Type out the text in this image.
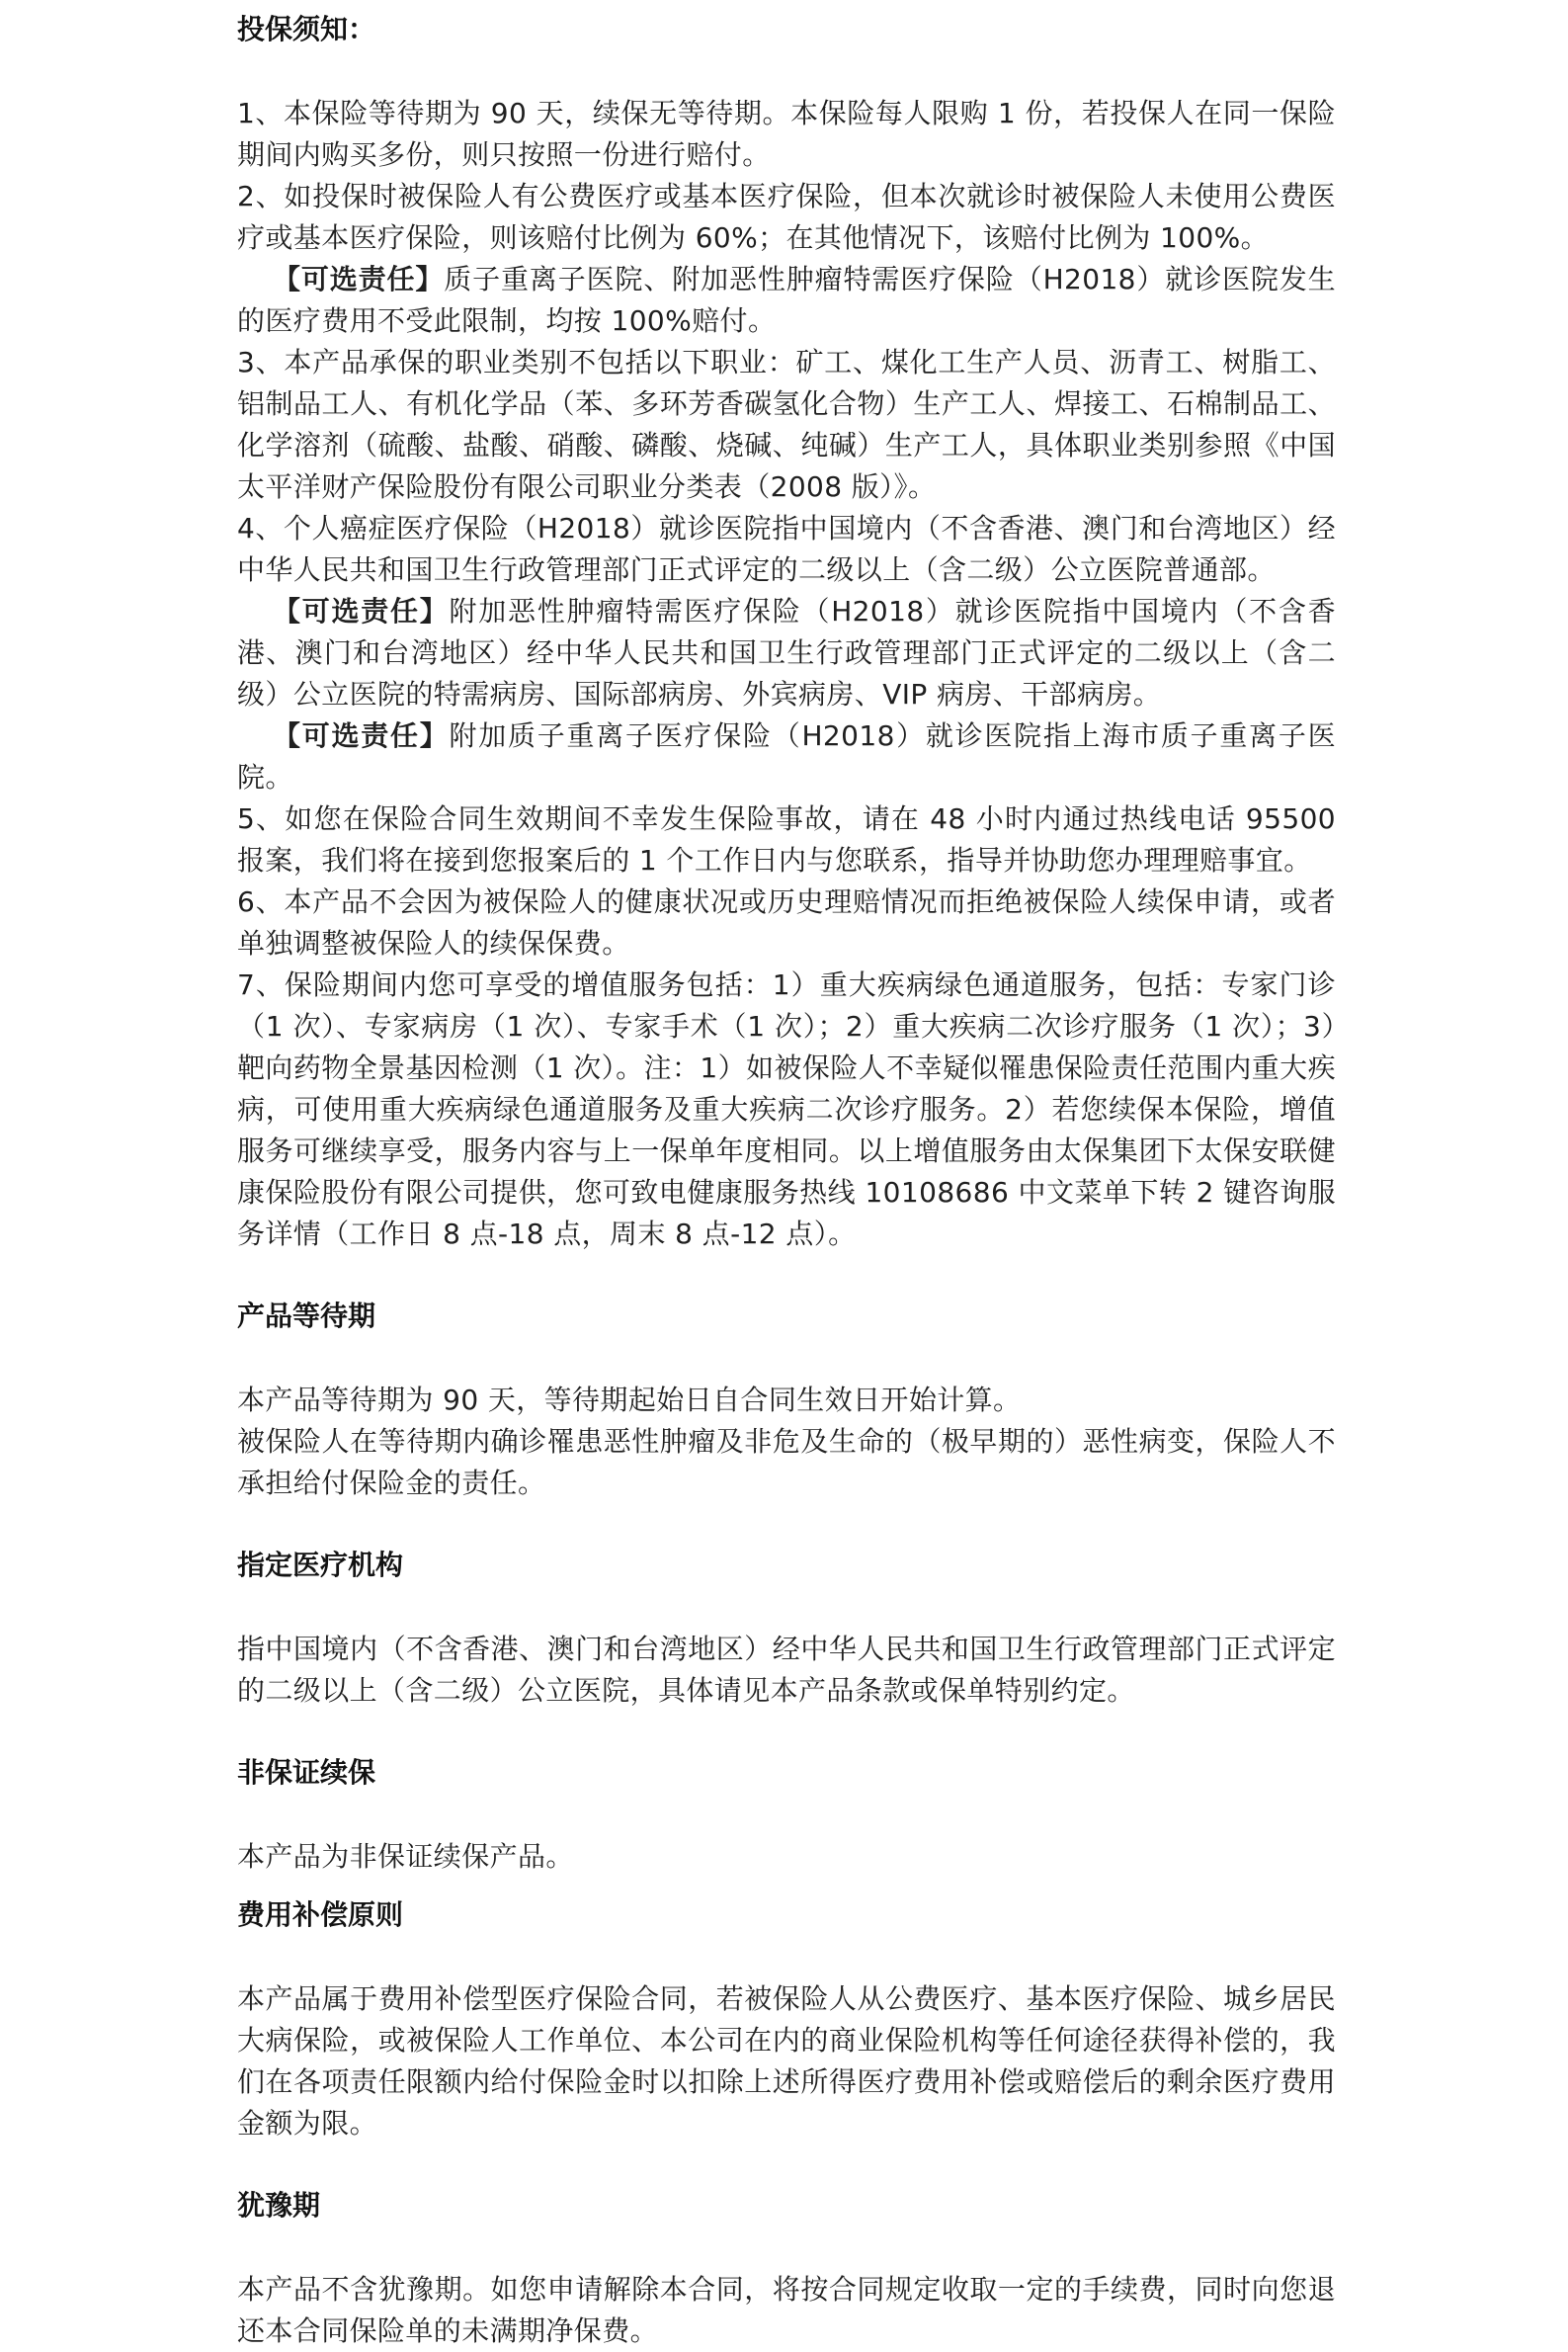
投保须知：

1、本保险等待期为 90 天，续保无等待期。本保险每人限购 1 份，若投保人在同一保险期间内购买多份，则只按照一份进行赔付。

2、如投保时被保险人有公费医疗或基本医疗保险，但本次就诊时被保险人未使用公费医疗或基本医疗保险，则该赔付比例为 60%；在其他情况下，该赔付比例为 100%。

【可选责任】质子重离子医院、附加恶性肿瘤特需医疗保险（H2018）就诊医院发生的医疗费用不受此限制，均按 100%赔付。

3、本产品承保的职业类别不包括以下职业：矿工、煤化工生产人员、沥青工、树脂工、铝制品工人、有机化学品（苯、多环芳香碳氢化合物）生产工人、焊接工、石棉制品工、化学溶剂（硫酸、盐酸、硝酸、磷酸、烧碱、纯碱）生产工人，具体职业类别参照《中国太平洋财产保险股份有限公司职业分类表（2008 版）》。

4、个人癌症医疗保险（H2018）就诊医院指中国境内（不含香港、澳门和台湾地区）经中华人民共和国卫生行政管理部门正式评定的二级以上（含二级）公立医院普通部。

【可选责任】附加恶性肿瘤特需医疗保险（H2018）就诊医院指中国境内（不含香港、澳门和台湾地区）经中华人民共和国卫生行政管理部门正式评定的二级以上（含二级）公立医院的特需病房、国际部病房、外宾病房、VIP 病房、干部病房。

【可选责任】附加质子重离子医疗保险（H2018）就诊医院指上海市质子重离子医院。

5、如您在保险合同生效期间不幸发生保险事故，请在 48 小时内通过热线电话 95500 报案，我们将在接到您报案后的 1 个工作日内与您联系，指导并协助您办理理赔事宜。

6、本产品不会因为被保险人的健康状况或历史理赔情况而拒绝被保险人续保申请，或者单独调整被保险人的续保保费。

7、保险期间内您可享受的增值服务包括：1）重大疾病绿色通道服务，包括：专家门诊（1 次）、专家病房（1 次）、专家手术（1 次）；2）重大疾病二次诊疗服务（1 次）；3）靶向药物全景基因检测（1 次）。注：1）如被保险人不幸疑似罹患保险责任范围内重大疾病，可使用重大疾病绿色通道服务及重大疾病二次诊疗服务。2）若您续保本保险，增值服务可继续享受，服务内容与上一保单年度相同。以上增值服务由太保集团下太保安联健康保险股份有限公司提供，您可致电健康服务热线 10108686 中文菜单下转 2 键咨询服务详情（工作日 8 点-18 点，周末 8 点-12 点）。

产品等待期

本产品等待期为 90 天，等待期起始日自合同生效日开始计算。

被保险人在等待期内确诊罹患恶性肿瘤及非危及生命的（极早期的）恶性病变，保险人不承担给付保险金的责任。

指定医疗机构

指中国境内（不含香港、澳门和台湾地区）经中华人民共和国卫生行政管理部门正式评定的二级以上（含二级）公立医院，具体请见本产品条款或保单特别约定。

非保证续保

本产品为非保证续保产品。

费用补偿原则

本产品属于费用补偿型医疗保险合同，若被保险人从公费医疗、基本医疗保险、城乡居民大病保险，或被保险人工作单位、本公司在内的商业保险机构等任何途径获得补偿的，我们在各项责任限额内给付保险金时以扣除上述所得医疗费用补偿或赔偿后的剩余医疗费用金额为限。

犹豫期

本产品不含犹豫期。如您申请解除本合同，将按合同规定收取一定的手续费，同时向您退还本合同保险单的未满期净保费。
